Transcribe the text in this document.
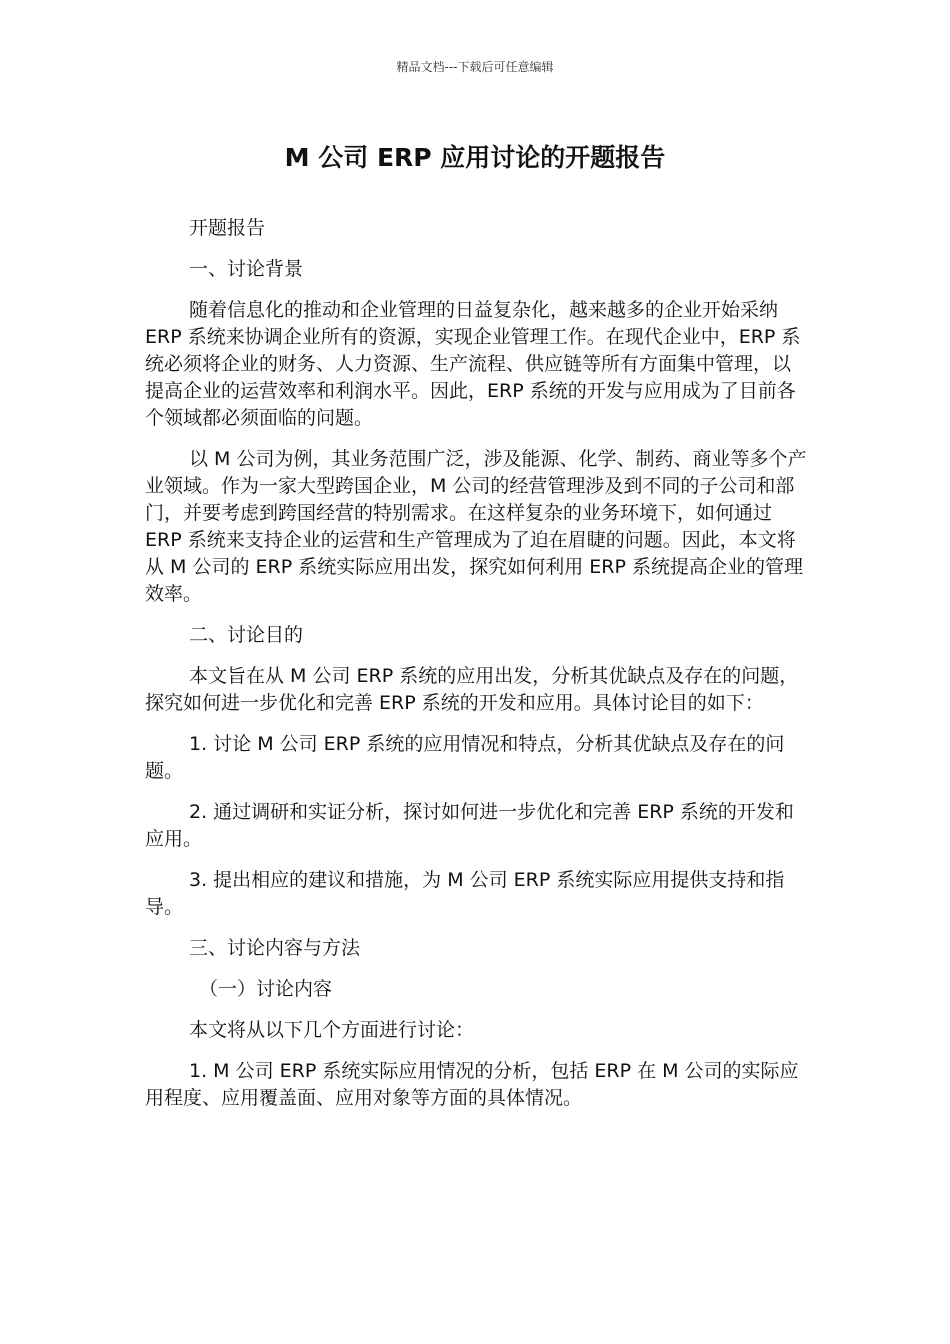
精品文档---下载后可任意编辑
M 公司 ERP 应用讨论的开题报告

开题报告

一、讨论背景

随着信息化的推动和企业管理的日益复杂化，越来越多的企业开始采纳 ERP 系统来协调企业所有的资源，实现企业管理工作。在现代企业中，ERP 系统必须将企业的财务、人力资源、生产流程、供应链等所有方面集中管理，以提高企业的运营效率和利润水平。因此，ERP 系统的开发与应用成为了目前各个领域都必须面临的问题。

以 M 公司为例，其业务范围广泛，涉及能源、化学、制药、商业等多个产业领域。作为一家大型跨国企业，M 公司的经营管理涉及到不同的子公司和部门，并要考虑到跨国经营的特别需求。在这样复杂的业务环境下，如何通过 ERP 系统来支持企业的运营和生产管理成为了迫在眉睫的问题。因此，本文将从 M 公司的 ERP 系统实际应用出发，探究如何利用 ERP 系统提高企业的管理效率。

二、讨论目的

本文旨在从 M 公司 ERP 系统的应用出发，分析其优缺点及存在的问题，探究如何进一步优化和完善 ERP 系统的开发和应用。具体讨论目的如下：

1. 讨论 M 公司 ERP 系统的应用情况和特点，分析其优缺点及存在的问题。

2. 通过调研和实证分析，探讨如何进一步优化和完善 ERP 系统的开发和应用。

3. 提出相应的建议和措施，为 M 公司 ERP 系统实际应用提供支持和指导。

三、讨论内容与方法

（一）讨论内容

本文将从以下几个方面进行讨论：

1. M 公司 ERP 系统实际应用情况的分析，包括 ERP 在 M 公司的实际应用程度、应用覆盖面、应用对象等方面的具体情况。
